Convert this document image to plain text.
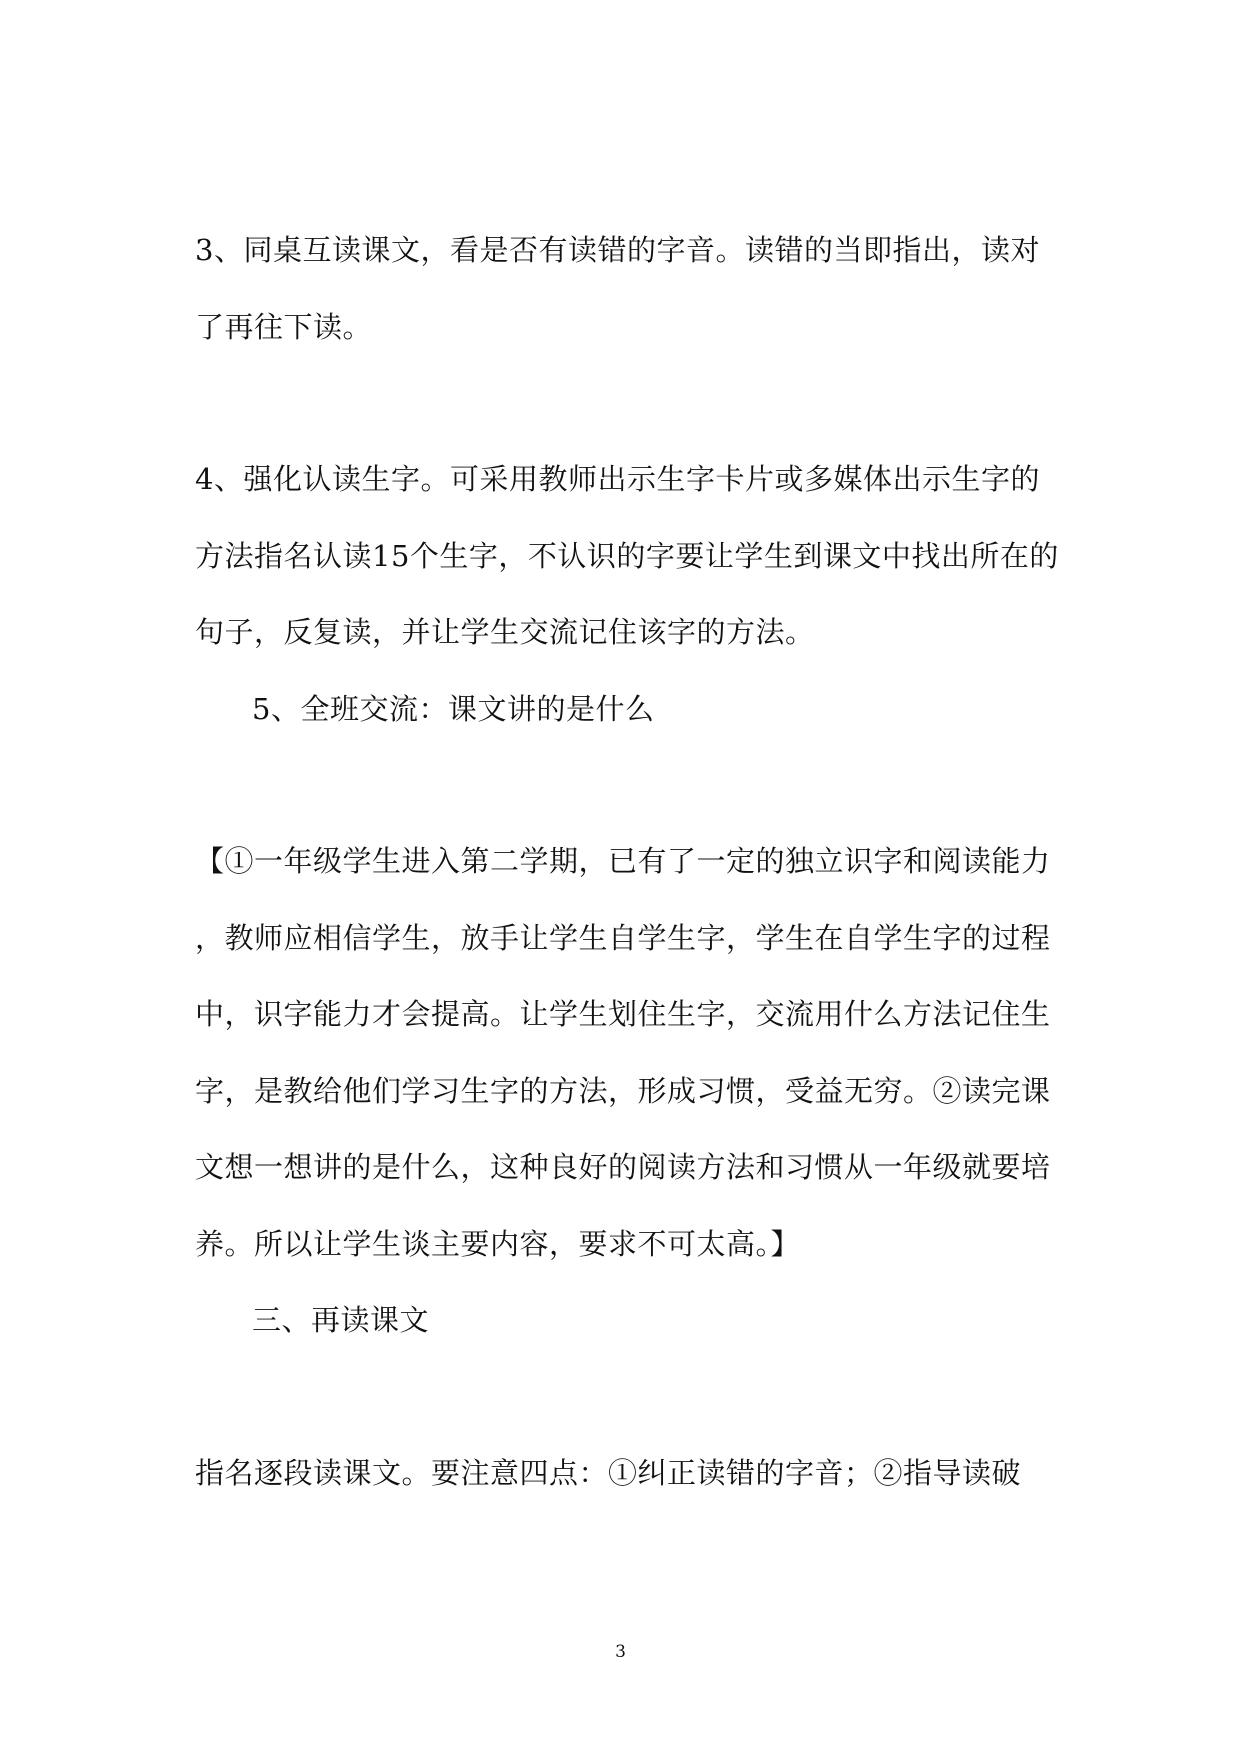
3、同桌互读课文，看是否有读错的字音。读错的当即指出，读对
了再往下读。
4、强化认读生字。可采用教师出示生字卡片或多媒体出示生字的
方法指名认读15个生字，不认识的字要让学生到课文中找出所在的
句子，反复读，并让学生交流记住该字的方法。
5、全班交流：课文讲的是什么
【①一年级学生进入第二学期，已有了一定的独立识字和阅读能力
，教师应相信学生，放手让学生自学生字，学生在自学生字的过程
中，识字能力才会提高。让学生划住生字，交流用什么方法记住生
字，是教给他们学习生字的方法，形成习惯，受益无穷。②读完课
文想一想讲的是什么，这种良好的阅读方法和习惯从一年级就要培
养。所以让学生谈主要内容，要求不可太高。】
三、再读课文
指名逐段读课文。要注意四点：①纠正读错的字音；②指导读破
3
